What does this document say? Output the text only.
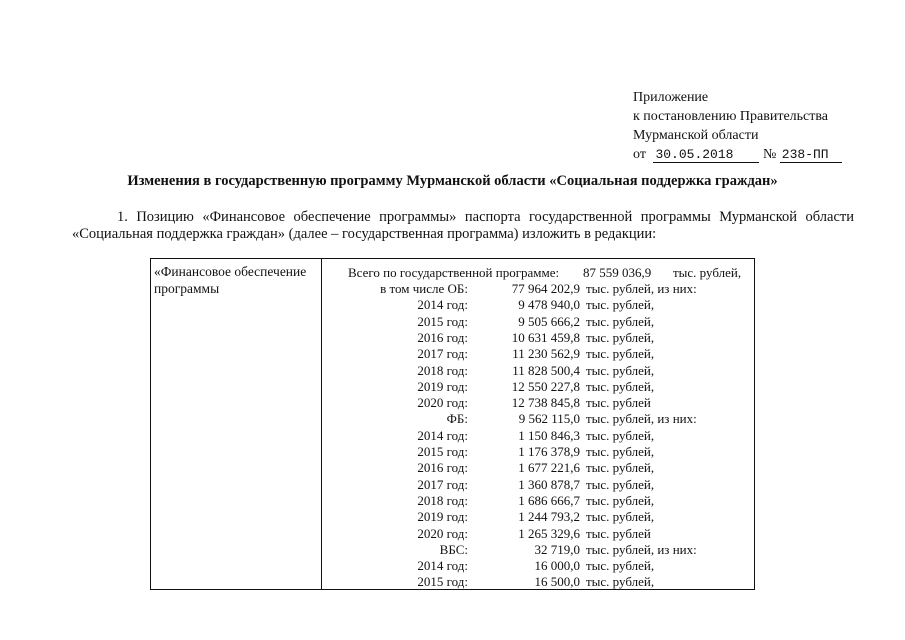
Приложение
к постановлению Правительства
Мурманской области
от 30.05.2018 № 238-ПП
Изменения в государственную программу Мурманской области «Социальная поддержка граждан»
1. Позицию «Финансовое обеспечение программы» паспорта государственной программы Мурманской области
«Социальная поддержка граждан» (далее – государственная программа) изложить в редакции:
«Финансовое обеспечение
программы
Всего по государственной программе: 87 559 036,9 тыс. рублей,
в том числе ОБ:	77 964 202,9 тыс. рублей, из них:
2014 год:	9 478 940,0 тыс. рублей,
2015 год:	9 505 666,2 тыс. рублей,
2016 год:	10 631 459,8 тыс. рублей,
2017 год:	11 230 562,9 тыс. рублей,
2018 год:	11 828 500,4 тыс. рублей,
2019 год:	12 550 227,8 тыс. рублей,
2020 год:	12 738 845,8 тыс. рублей
ФБ:	9 562 115,0 тыс. рублей, из них:
2014 год:	1 150 846,3 тыс. рублей,
2015 год:	1 176 378,9 тыс. рублей,
2016 год:	1 677 221,6 тыс. рублей,
2017 год:	1 360 878,7 тыс. рублей,
2018 год:	1 686 666,7 тыс. рублей,
2019 год:	1 244 793,2 тыс. рублей,
2020 год:	1 265 329,6 тыс. рублей
ВБС:	32 719,0 тыс. рублей, из них:
2014 год:	16 000,0 тыс. рублей,
2015 год:	16 500,0 тыс. рублей,
